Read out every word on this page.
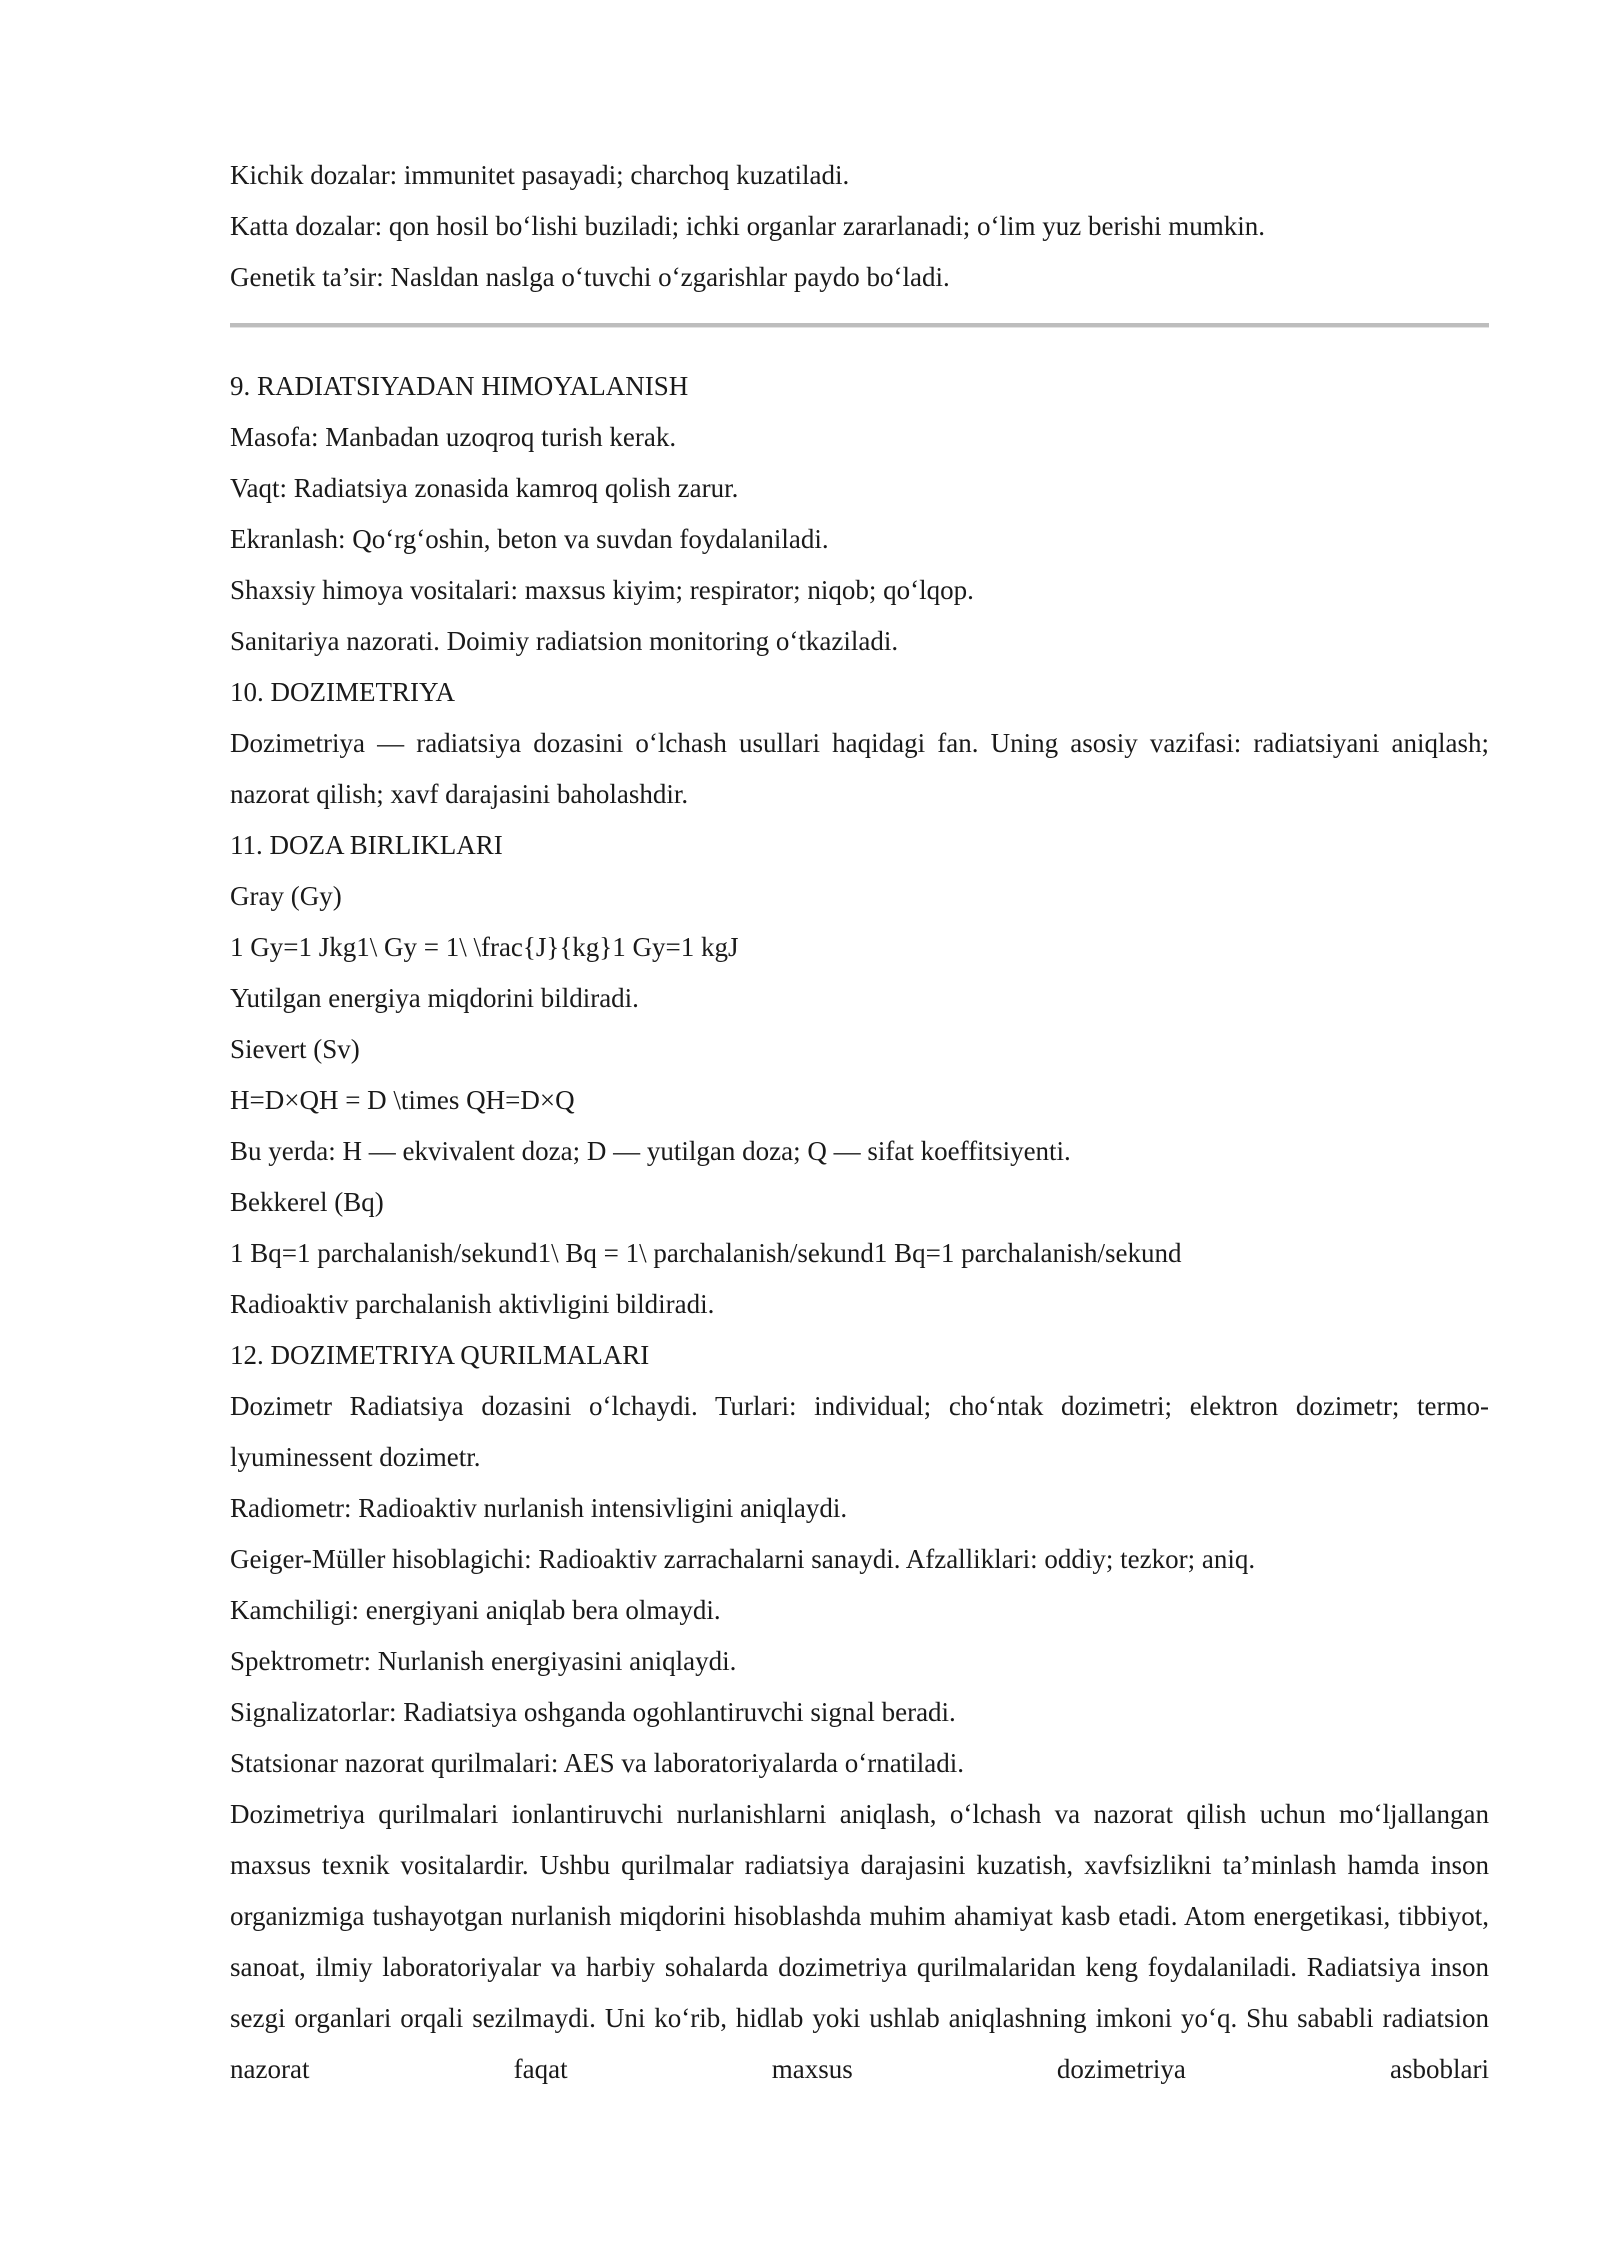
Kichik dozalar: immunitet pasayadi; charchoq kuzatiladi.

Katta dozalar: qon hosil bo‘lishi buziladi; ichki organlar zararlanadi; o‘lim yuz berishi mumkin.

Genetik ta’sir: Nasldan naslga o‘tuvchi o‘zgarishlar paydo bo‘ladi.

9. RADIATSIYADAN HIMOYALANISH

Masofa: Manbadan uzoqroq turish kerak.

Vaqt: Radiatsiya zonasida kamroq qolish zarur.

Ekranlash: Qo‘rg‘oshin, beton va suvdan foydalaniladi.

Shaxsiy himoya vositalari: maxsus kiyim; respirator; niqob; qo‘lqop.

Sanitariya nazorati. Doimiy radiatsion monitoring o‘tkaziladi.

10. DOZIMETRIYA

Dozimetriya — radiatsiya dozasini o‘lchash usullari haqidagi fan. Uning asosiy vazifasi: radiatsiyani aniqlash; nazorat qilish; xavf darajasini baholashdir.

11. DOZA BIRLIKLARI

Gray (Gy)

1 Gy=1 Jkg1\ Gy = 1\ \frac{J}{kg}1 Gy=1 kgJ

Yutilgan energiya miqdorini bildiradi.

Sievert (Sv)

H=D×QH = D \times QH=D×Q

Bu yerda: H — ekvivalent doza; D — yutilgan doza; Q — sifat koeffitsiyenti.

Bekkerel (Bq)

1 Bq=1 parchalanish/sekund1\ Bq = 1\ parchalanish/sekund1 Bq=1 parchalanish/sekund

Radioaktiv parchalanish aktivligini bildiradi.

12. DOZIMETRIYA QURILMALARI

Dozimetr Radiatsiya dozasini o‘lchaydi. Turlari: individual; cho‘ntak dozimetri; elektron dozimetr; termo-lyuminessent dozimetr.

Radiometr: Radioaktiv nurlanish intensivligini aniqlaydi.

Geiger-Müller hisoblagichi: Radioaktiv zarrachalarni sanaydi. Afzalliklari: oddiy; tezkor; aniq.

Kamchiligi: energiyani aniqlab bera olmaydi.

Spektrometr: Nurlanish energiyasini aniqlaydi.

Signalizatorlar: Radiatsiya oshganda ogohlantiruvchi signal beradi.

Statsionar nazorat qurilmalari: AES va laboratoriyalarda o‘rnatiladi.

Dozimetriya qurilmalari ionlantiruvchi nurlanishlarni aniqlash, o‘lchash va nazorat qilish uchun mo‘ljallangan maxsus texnik vositalardir. Ushbu qurilmalar radiatsiya darajasini kuzatish, xavfsizlikni ta’minlash hamda inson organizmiga tushayotgan nurlanish miqdorini hisoblashda muhim ahamiyat kasb etadi. Atom energetikasi, tibbiyot, sanoat, ilmiy laboratoriyalar va harbiy sohalarda dozimetriya qurilmalaridan keng foydalaniladi. Radiatsiya inson sezgi organlari orqali sezilmaydi. Uni ko‘rib, hidlab yoki ushlab aniqlashning imkoni yo‘q. Shu sababli radiatsion nazorat faqat maxsus dozimetriya asboblari
